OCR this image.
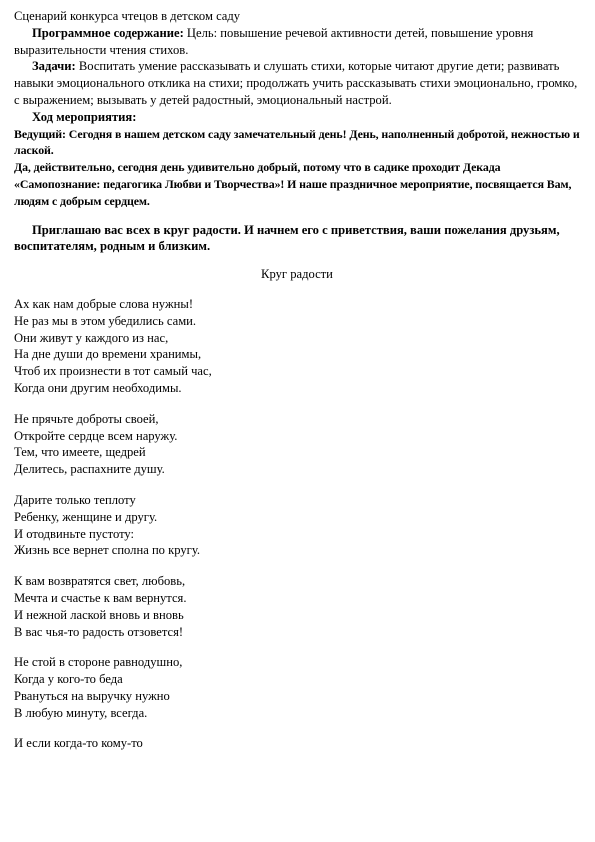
Сценарий конкурса чтецов в детском саду

Программное содержание: Цель: повышение речевой активности детей, повышение уровня выразительности чтения стихов.

Задачи: Воспитать умение рассказывать и слушать стихи, которые читают другие дети; развивать навыки эмоционального отклика на стихи; продолжать учить рассказывать стихи эмоционально, громко, с выражением; вызывать у детей радостный, эмоциональный настрой.

Ход мероприятия:

Ведущий: Сегодня в нашем детском саду замечательный день! День, наполненный добротой, нежностью и лаской.

Да, действительно, сегодня день удивительно добрый, потому что в садике проходит Декада «Самопознание: педагогика Любви и Творчества»! И наше праздничное мероприятие, посвящается Вам, людям с добрым сердцем.

Приглашаю вас всех в круг радости. И начнем его с приветствия, ваши пожелания друзьям, воспитателям, родным и близким.

Круг радости

Ах как нам добрые слова нужны!
Не раз мы в этом убедились сами.
Они живут у каждого из нас,
На дне души до времени хранимы,
Чтоб их произнести в тот самый час,
Когда они другим необходимы.
Не прячьте доброты своей,
Откройте сердце всем наружу.
Тем, что имеете, щедрей
Делитесь, распахните душу.
Дарите только теплоту
Ребенку, женщине и другу.
И отодвиньте пустоту:
Жизнь все вернет сполна по кругу.
К вам возвратятся свет, любовь,
Мечта и счастье к вам вернутся.
И нежной лаской вновь и вновь
В вас чья-то радость отзовется!
Не стой в стороне равнодушно,
Когда у кого-то беда
Рвануться на выручку нужно
В любую минуту, всегда.
И если когда-то кому-то
